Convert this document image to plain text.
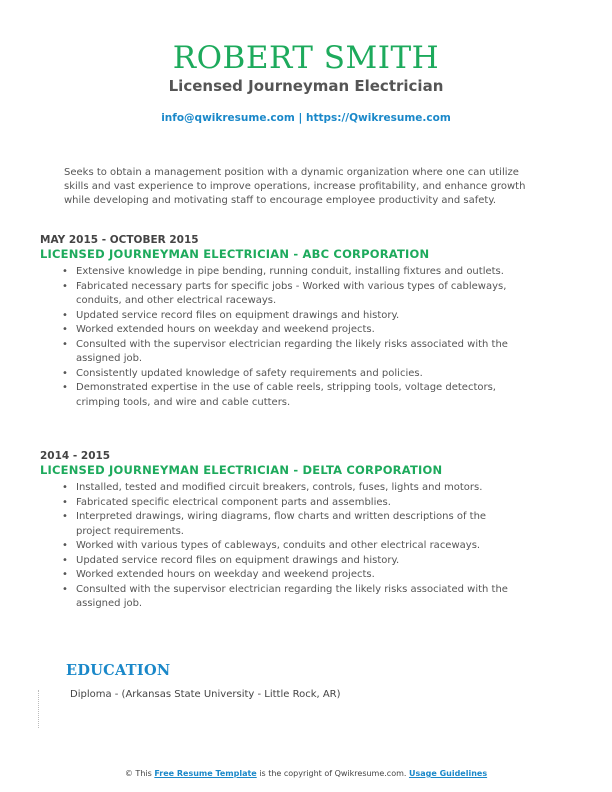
ROBERT SMITH
Licensed Journeyman Electrician
info@qwikresume.com | https://Qwikresume.com
Seeks to obtain a management position with a dynamic organization where one can utilize skills and vast experience to improve operations, increase profitability, and enhance growth while developing and motivating staff to encourage employee productivity and safety.
MAY 2015 - OCTOBER 2015
LICENSED JOURNEYMAN ELECTRICIAN - ABC CORPORATION
• Extensive knowledge in pipe bending, running conduit, installing fixtures and outlets.
• Fabricated necessary parts for specific jobs - Worked with various types of cableways, conduits, and other electrical raceways.
• Updated service record files on equipment drawings and history.
• Worked extended hours on weekday and weekend projects.
• Consulted with the supervisor electrician regarding the likely risks associated with the assigned job.
• Consistently updated knowledge of safety requirements and policies.
• Demonstrated expertise in the use of cable reels, stripping tools, voltage detectors, crimping tools, and wire and cable cutters.
2014 - 2015
LICENSED JOURNEYMAN ELECTRICIAN - DELTA CORPORATION
• Installed, tested and modified circuit breakers, controls, fuses, lights and motors.
• Fabricated specific electrical component parts and assemblies.
• Interpreted drawings, wiring diagrams, flow charts and written descriptions of the project requirements.
• Worked with various types of cableways, conduits and other electrical raceways.
• Updated service record files on equipment drawings and history.
• Worked extended hours on weekday and weekend projects.
• Consulted with the supervisor electrician regarding the likely risks associated with the assigned job.
EDUCATION
Diploma - (Arkansas State University - Little Rock, AR)
© This Free Resume Template is the copyright of Qwikresume.com. Usage Guidelines
